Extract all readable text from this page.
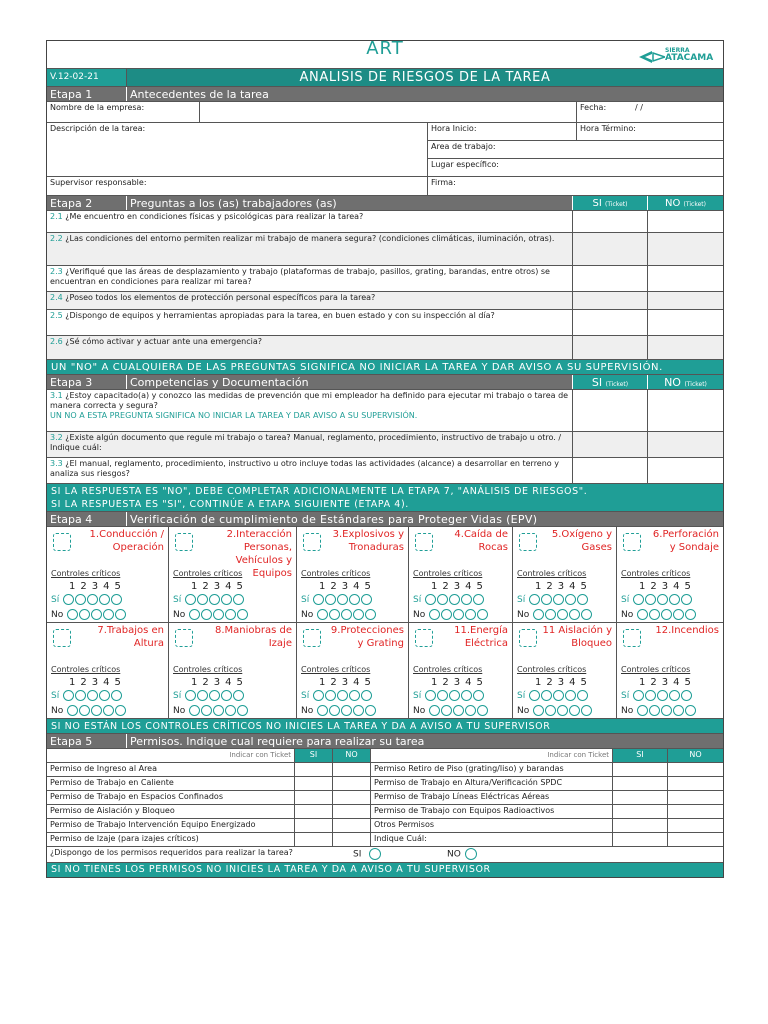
ART	SIERRA
ATACAMA
V.12-02-21	ANALISIS DE RIESGOS DE LA TAREA
Etapa 1	Antecedentes de la tarea
Nombre de la empresa:	Fecha:	/ /
Descripción de la tarea:	Hora Inicio:	Hora Término:
Area de trabajo:
Lugar específico:
Supervisor responsable:	Firma:
Etapa 2	Preguntas a los (as) trabajadores (as)	SI (Ticket)	NO (Ticket)
2.1 ¿Me encuentro en condiciones físicas y psicológicas para realizar la tarea?
2.2 ¿Las condiciones del entorno permiten realizar mi trabajo de manera segura? (condiciones climáticas, iluminación, otras).
2.3 ¿Verifiqué que las áreas de desplazamiento y trabajo (plataformas de trabajo, pasillos, grating, barandas, entre otros) se encuentran en condiciones para realizar mi tarea?
2.4 ¿Poseo todos los elementos de protección personal específicos para la tarea?
2.5 ¿Dispongo de equipos y herramientas apropiadas para la tarea, en buen estado y con su inspección al día?
2.6 ¿Sé cómo activar y actuar ante una emergencia?
UN "NO" A CUALQUIERA DE LAS PREGUNTAS SIGNIFICA NO INICIAR LA TAREA Y DAR AVISO A SU SUPERVISIÓN.
Etapa 3	Competencias y Documentación	SI (Ticket)	NO (Ticket)
3.1 ¿Estoy capacitado(a) y conozco las medidas de prevención que mi empleador ha definido para ejecutar mi trabajo o tarea de manera correcta y segura?
UN NO A ESTA PREGUNTA SIGNIFICA NO INICIAR LA TAREA Y DAR AVISO A SU SUPERVISIÓN.
3.2 ¿Existe algún documento que regule mi trabajo o tarea? Manual, reglamento, procedimiento, instructivo de trabajo u otro. / Indique cuál:
3.3 ¿El manual, reglamento, procedimiento, instructivo u otro incluye todas las actividades (alcance) a desarrollar en terreno y analiza sus riesgos?
SI LA RESPUESTA ES "NO", DEBE COMPLETAR ADICIONALMENTE LA ETAPA 7, "ANÁLISIS DE RIESGOS".
SI LA RESPUESTA ES "SI", CONTINÚE A ETAPA SIGUIENTE (ETAPA 4).
Etapa 4	Verificación de cumplimiento de Estándares para Proteger Vidas (EPV)
1.Conducción / Operación
Controles críticos
12345
Sí
No
2.Interacción Personas, Vehículos y Equipos
Controles críticos
12345
Sí
No
3.Explosivos y Tronaduras
Controles críticos
12345
Sí
No
4.Caída de Rocas
Controles críticos
12345
Sí
No
5.Oxígeno y Gases
Controles críticos
12345
Sí
No
6.Perforación y Sondaje
Controles críticos
12345
Sí
No
7.Trabajos en Altura
Controles críticos
12345
Sí
No
8.Maniobras de Izaje
Controles críticos
12345
Sí
No
9.Protecciones y Grating
Controles críticos
12345
Sí
No
11.Energía Eléctrica
Controles críticos
12345
Sí
No
11 Aislación y Bloqueo
Controles críticos
12345
Sí
No
12.Incendios
Controles críticos
12345
Sí
No
SI NO ESTÁN LOS CONTROLES CRÍTICOS NO INICIES LA TAREA Y DA A AVISO A TU SUPERVISOR
Etapa 5	Permisos. Indique cual requiere para realizar su tarea
Indicar con Ticket	SI	NO	Indicar con Ticket	SI	NO
Permiso de Ingreso al Area	Permiso Retiro de Piso (grating/liso) y barandas
Permiso de Trabajo en Caliente	Permiso de Trabajo en Altura/Verificación SPDC
Permiso de Trabajo en Espacios Confinados	Permiso de Trabajo Líneas Eléctricas Aéreas
Permiso de Aislación y Bloqueo	Permiso de Trabajo con Equipos Radioactivos
Permiso de Trabajo Intervención Equipo Energizado	Otros Permisos
Permiso de Izaje (para izajes críticos)	Indique Cuál:
¿Dispongo de los permisos requeridos para realizar la tarea?	SI	NO
SI NO TIENES LOS PERMISOS NO INICIES LA TAREA Y DA A AVISO A TU SUPERVISOR
